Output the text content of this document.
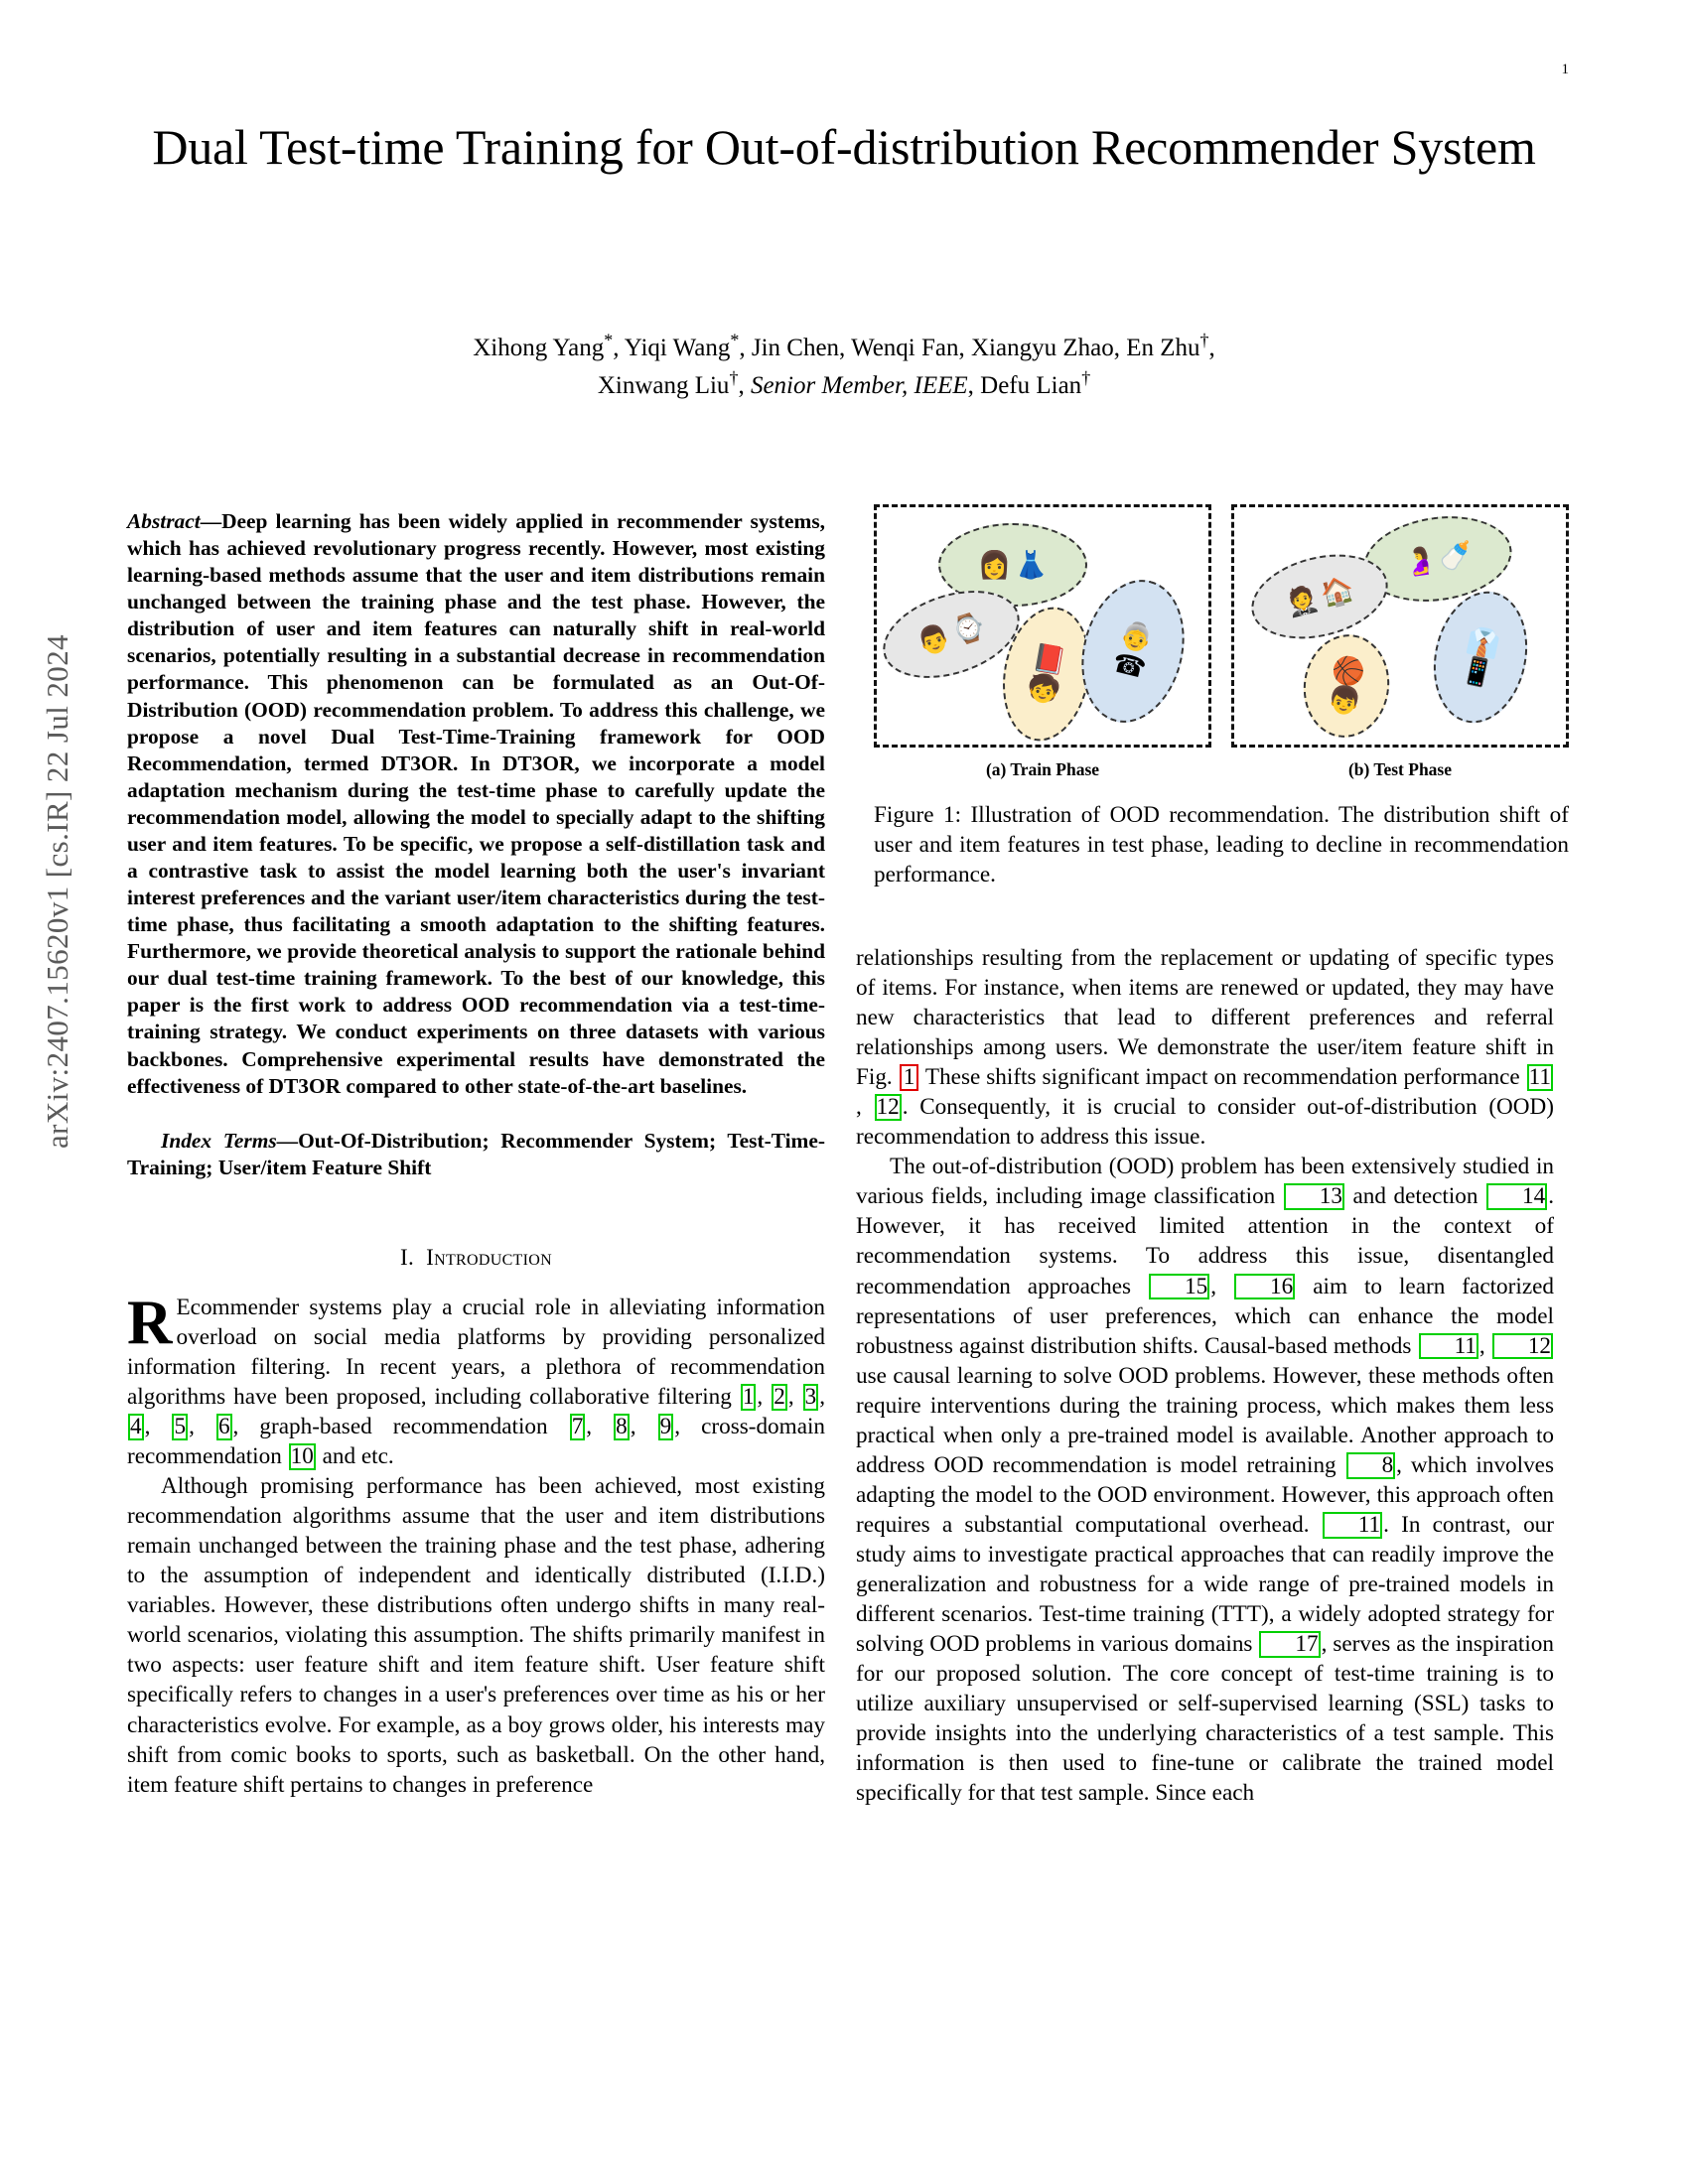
1
arXiv:2407.15620v1 [cs.IR] 22 Jul 2024
Dual Test-time Training for Out-of-distribution Recommender System
Xihong Yang*, Yiqi Wang*, Jin Chen, Wenqi Fan, Xiangyu Zhao, En Zhu†,
Xinwang Liu†, Senior Member, IEEE, Defu Lian†

Abstract—Deep learning has been widely applied in recommender systems, which has achieved revolutionary progress recently. However, most existing learning-based methods assume that the user and item distributions remain unchanged between the training phase and the test phase. However, the distribution of user and item features can naturally shift in real-world scenarios, potentially resulting in a substantial decrease in recommendation performance. This phenomenon can be formulated as an Out-Of-Distribution (OOD) recommendation problem. To address this challenge, we propose a novel Dual Test-Time-Training framework for OOD Recommendation, termed DT3OR. In DT3OR, we incorporate a model adaptation mechanism during the test-time phase to carefully update the recommendation model, allowing the model to specially adapt to the shifting user and item features. To be specific, we propose a self-distillation task and a contrastive task to assist the model learning both the user's invariant interest preferences and the variant user/item characteristics during the test-time phase, thus facilitating a smooth adaptation to the shifting features. Furthermore, we provide theoretical analysis to support the rationale behind our dual test-time training framework. To the best of our knowledge, this paper is the first work to address OOD recommendation via a test-time-training strategy. We conduct experiments on three datasets with various backbones. Comprehensive experimental results have demonstrated the effectiveness of DT3OR compared to other state-of-the-art baselines.

Index Terms—Out-Of-Distribution; Recommender System; Test-Time-Training; User/item Feature Shift

I. Introduction

R Ecommender systems play a crucial role in alleviating information overload on social media platforms by providing personalized information filtering. In recent years, a plethora of recommendation algorithms have been proposed, including collaborative filtering 1 , 2 , 3 , 4 , 5 , 6 , graph-based recommendation 7 , 8 , 9 , cross-domain recommendation 10 and etc.

Although promising performance has been achieved, most existing recommendation algorithms assume that the user and item distributions remain unchanged between the training phase and the test phase, adhering to the assumption of independent and identically distributed (I.I.D.) variables. However, these distributions often undergo shifts in many real-world scenarios, violating this assumption. The shifts primarily manifest in two aspects: user feature shift and item feature shift. User feature shift specifically refers to changes in a user's preferences over time as his or her characteristics evolve. For example, as a boy grows older, his interests may shift from comic books to sports, such as basketball. On the other hand, item feature shift pertains to changes in preference

👩 👗
👨
⌚
📕
🧒
👵
☎
(a) Train Phase
🤰
🍼
🤵
🏠
🏀
👦
👔
📱
(b) Test Phase
Figure 1: Illustration of OOD recommendation. The distribution shift of user and item features in test phase, leading to decline in recommendation performance.

relationships resulting from the replacement or updating of specific types of items. For instance, when items are renewed or updated, they may have new characteristics that lead to different preferences and referral relationships among users. We demonstrate the user/item feature shift in Fig. 1 These shifts significant impact on recommendation performance 11, 12 . Consequently, it is crucial to consider out-of-distribution (OOD) recommendation to address this issue.

The out-of-distribution (OOD) problem has been extensively studied in various fields, including image classification 13 and detection 14 . However, it has received limited attention in the context of recommendation systems. To address this issue, disentangled recommendation approaches 15 , 16 aim to learn factorized representations of user preferences, which can enhance the model robustness against distribution shifts. Causal-based methods 11 , 12 use causal learning to solve OOD problems. However, these methods often require interventions during the training process, which makes them less practical when only a pre-trained model is available. Another approach to address OOD recommendation is model retraining 8 , which involves adapting the model to the OOD environment. However, this approach often requires a substantial computational overhead. 11 . In contrast, our study aims to investigate practical approaches that can readily improve the generalization and robustness for a wide range of pre-trained models in different scenarios. Test-time training (TTT), a widely adopted strategy for solving OOD problems in various domains 17 , serves as the inspiration for our proposed solution. The core concept of test-time training is to utilize auxiliary unsupervised or self-supervised learning (SSL) tasks to provide insights into the underlying characteristics of a test sample. This information is then used to fine-tune or calibrate the trained model specifically for that test sample. Since each
